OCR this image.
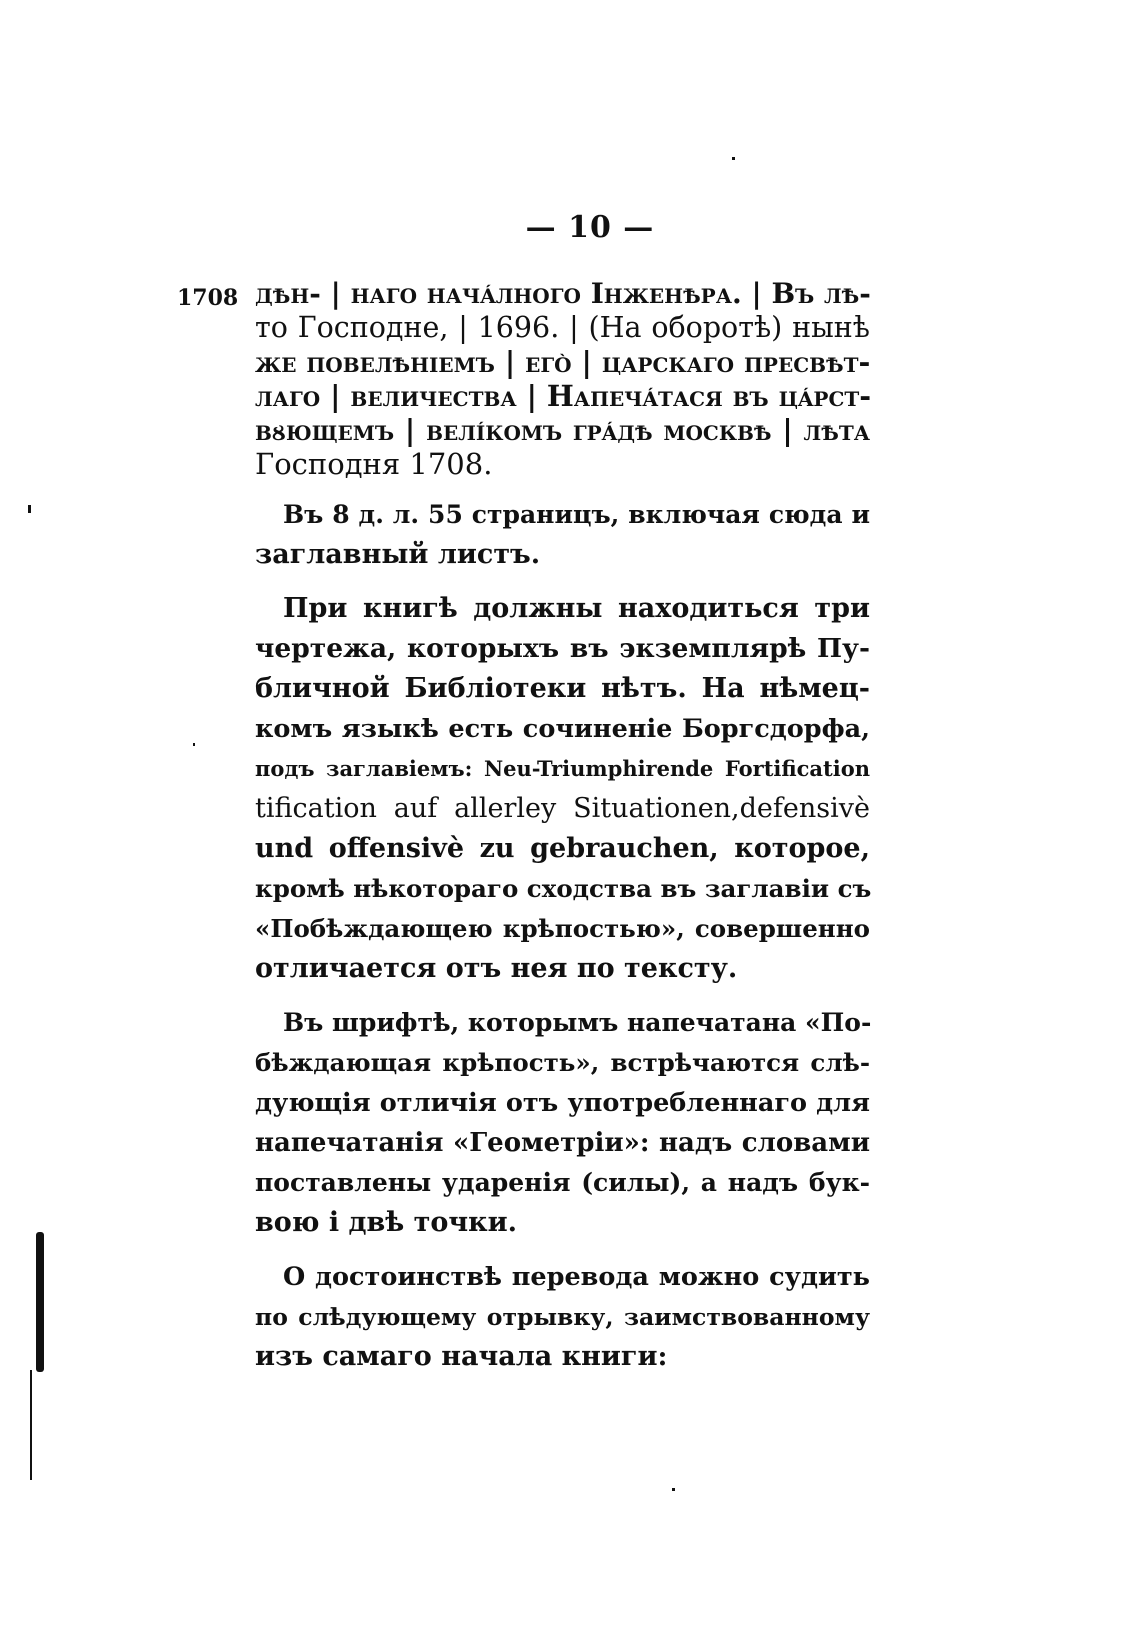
— 10 —
1708 дѣн- | наго начáлного Інженѣра. | Въ лѣ-
то Господне, | 1696. | (На оборотѣ) нынѣ
же повелѣніемъ | егò | царскаго пресвѣт-
лаго | величества | Напечáтася въ цáрст-
вȣющемъ | велíкомъ грáдѣ москвѣ | лѣта
Господня 1708.
Въ 8 д. л. 55 страницъ, включая сюда и
заглавный листъ.
При книгѣ должны находиться три
чертежа, которыхъ въ экземплярѣ Пу-
бличной Библіотеки нѣтъ. На нѣмец-
комъ языкѣ есть сочиненіе Боргсдорфа,
подъ заглавіемъ: Neu-Triumphirende Fortification
tification auf allerley Situationen,defensivè
und offensivè zu gebrauchen, которое,
кромѣ нѣкотораго сходства въ заглавіи съ
«Побѣждающею крѣпостью», совершенно
отличается отъ нея по тексту.
Въ шрифтѣ, которымъ напечатана «По-
бѣждающая крѣпость», встрѣчаются слѣ-
дующія отличія отъ употребленнаго для
напечатанія «Геометріи»: надъ словами
поставлены ударенія (силы), а надъ бук-
вою і двѣ точки.
О достоинствѣ перевода можно судить
по слѣдующему отрывку, заимствованному
изъ самаго начала книги:
